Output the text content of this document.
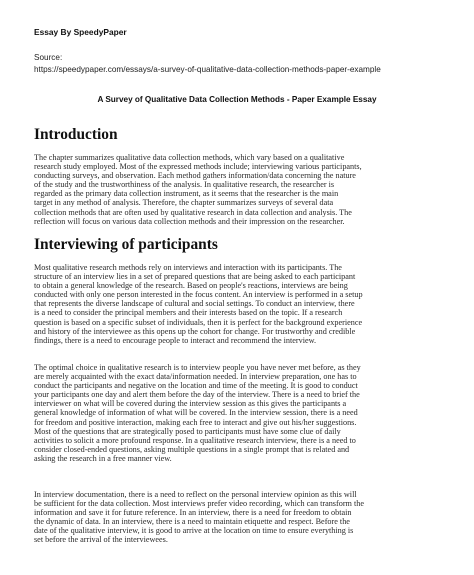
Essay By SpeedyPaper
Source:
https://speedypaper.com/essays/a-survey-of-qualitative-data-collection-methods-paper-example
A Survey of Qualitative Data Collection Methods - Paper Example Essay
Introduction
The chapter summarizes qualitative data collection methods, which vary based on a qualitative
research study employed. Most of the expressed methods include; interviewing various participants,
conducting surveys, and observation. Each method gathers information/data concerning the nature
of the study and the trustworthiness of the analysis. In qualitative research, the researcher is
regarded as the primary data collection instrument, as it seems that the researcher is the main
target in any method of analysis. Therefore, the chapter summarizes surveys of several data
collection methods that are often used by qualitative research in data collection and analysis. The
reflection will focus on various data collection methods and their impression on the researcher.
Interviewing of participants
Most qualitative research methods rely on interviews and interaction with its participants. The
structure of an interview lies in a set of prepared questions that are being asked to each participant
to obtain a general knowledge of the research. Based on people's reactions, interviews are being
conducted with only one person interested in the focus content. An interview is performed in a setup
that represents the diverse landscape of cultural and social settings. To conduct an interview, there
is a need to consider the principal members and their interests based on the topic. If a research
question is based on a specific subset of individuals, then it is perfect for the background experience
and history of the interviewee as this opens up the cohort for change. For trustworthy and credible
findings, there is a need to encourage people to interact and recommend the interview.
The optimal choice in qualitative research is to interview people you have never met before, as they
are merely acquainted with the exact data/information needed. In interview preparation, one has to
conduct the participants and negative on the location and time of the meeting. It is good to conduct
your participants one day and alert them before the day of the interview. There is a need to brief the
interviewer on what will be covered during the interview session as this gives the participants a
general knowledge of information of what will be covered. In the interview session, there is a need
for freedom and positive interaction, making each free to interact and give out his/her suggestions.
Most of the questions that are strategically posed to participants must have some clue of daily
activities to solicit a more profound response. In a qualitative research interview, there is a need to
consider closed-ended questions, asking multiple questions in a single prompt that is related and
asking the research in a free manner view.
In interview documentation, there is a need to reflect on the personal interview opinion as this will
be sufficient for the data collection. Most interviews prefer video recording, which can transform the
information and save it for future reference. In an interview, there is a need for freedom to obtain
the dynamic of data. In an interview, there is a need to maintain etiquette and respect. Before the
date of the qualitative interview, it is good to arrive at the location on time to ensure everything is
set before the arrival of the interviewees.
